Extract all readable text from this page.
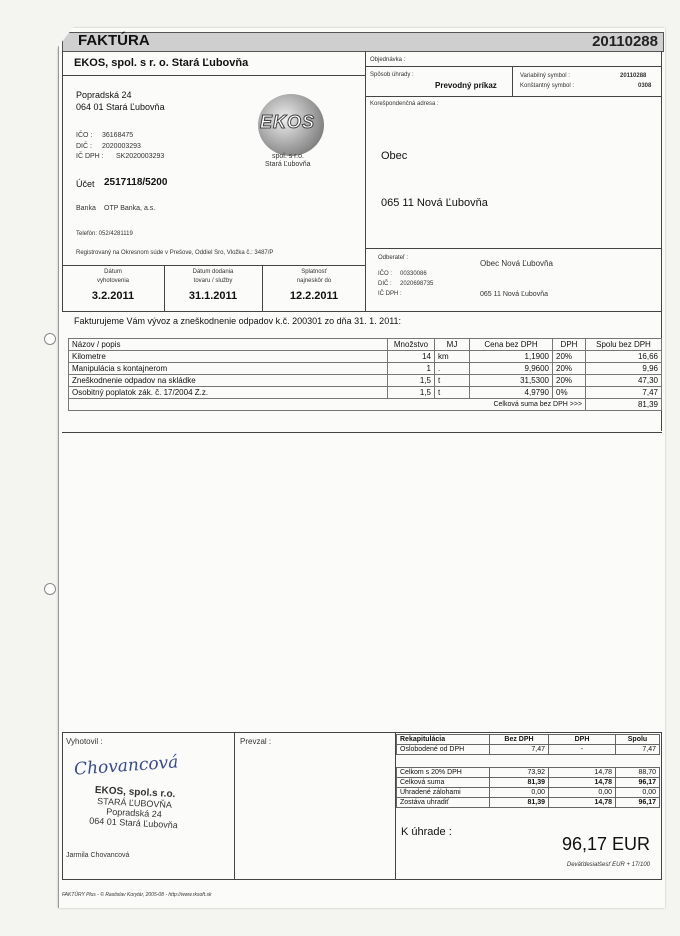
FAKTÚRA	20110288
EKOS, spol. s r. o. Stará Ľubovňa
Popradská 24
064 01 Stará Ľubovňa
IČO : 36168475
DIČ : 2020003293
IČ DPH : SK2020003293
Účet 2517118/5200
Banka OTP Banka, a.s.
Telefón: 052/4281119
Registrovaný na Okresnom súde v Prešove, Oddiel Sro, Vložka č.: 3487/P
EKOS
spol. s r.o.
Stará Ľubovňa
Objednávka :
Spôsob úhrady :
Prevodný príkaz
Variabilný symbol :	20110288
Konštantný symbol :	0308
Korešpondenčná adresa :
Obec
065 11 Nová Ľubovňa
Odberateľ :
Obec Nová Ľubovňa
IČO : 00330086
DIČ : 2020698735
IČ DPH :	065 11 Nová Ľubovňa
Dátum
vyhotovenia
3.2.2011
Dátum dodania
tovaru / služby
31.1.2011
Splatnosť
najneskôr do
12.2.2011
Fakturujeme Vám vývoz a zneškodnenie odpadov k.č. 200301 zo dňa 31. 1. 2011:
Názov / popis	Množstvo	MJ	Cena bez DPH	DPH	Spolu bez DPH
Kilometre	14	km	1,1900	20%	16,66
Manipulácia s kontajnerom	1	.	9,9600	20%	9,96
Zneškodnenie odpadov na skládke	1,5	t	31,5300	20%	47,30
Osobitný poplatok zák. č. 17/2004 Z.z.	1,5	t	4,9790	0%	7,47
Celková suma bez DPH >>>					81,39
Vyhotovil :	Prevzal :
Chovancová
EKOS, spol.s r.o.
STARÁ ĽUBOVŇA
Popradská 24
064 01 Stará Ľubovňa
Jarmila Chovancová
Rekapitulácia	Bez DPH	DPH	Spolu
Oslobodené od DPH	7,47	-	7,47

Celkom s 20% DPH	73,92	14,78	88,70
Celková suma	81,39	14,78	96,17
Uhradené zálohami	0,00	0,00	0,00
Zostáva uhradiť	81,39	14,78	96,17
K úhrade :
96,17 EUR
Deväťdesiatšesť EUR + 17/100
FAKTÚRY Plus - © Rastislav Korytár, 2005-08 - http://www.rksoft.sk
